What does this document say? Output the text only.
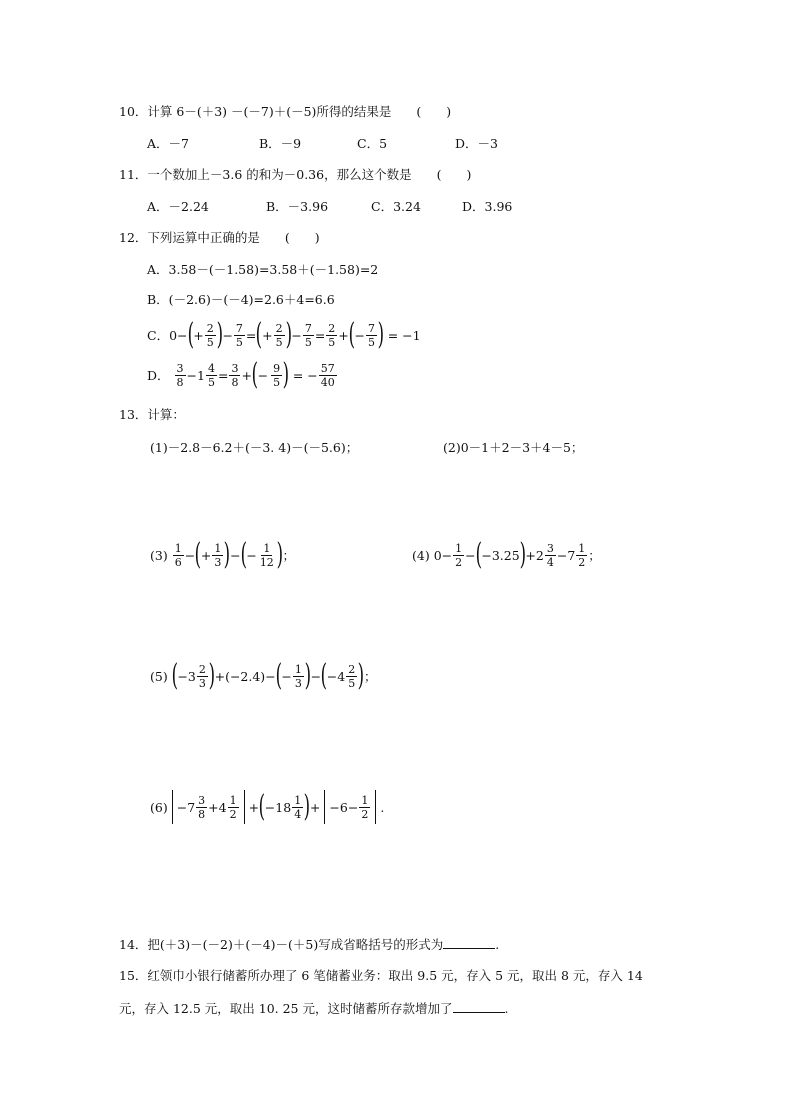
10．计算 6－(＋3) －(－7)＋(－5)所得的结果是　　(　　)
A．－7	B．－9	C．5	D．－3
11．一个数加上－3.6 的和为－0.36，那么这个数是　　(　　)
A．－2.24	B．－3.96	C．3.24	D．3.96
12．下列运算中正确的是　　(　　)
A．3.58－(－1.58)=3.58＋(－1.58)=2
B．(－2.6)－(－4)=2.6＋4=6.6
C． 0 − ( + $\frac{2}{5}$ ) − $\frac{7}{5}$ = ( + $\frac{2}{5}$ ) − $\frac{7}{5} = \frac{2}{5}$ + ( − $\frac{7}{5}$ ) = −1
D． 3
$8 - 1 \frac{4}{5} = \frac{3}{8}$ + ( − 9
5 ) = − $\frac{57}{40}$
13．计算：
(1)－2.8－6.2＋(－3. 4)－(－5.6)；	(2)0－1＋2－3＋4－5；
(3) 1
6 − ( + $\frac{1}{3}$ ) − ( − $\frac{1}{12}$ ) ；	(4) $0 - \frac{1}{2}$ − ( −3.25 ) + 2 3
4 − 7 1
2 ；
(5) ( −3 2
3 ) + (−2.4) − ( − $\frac{1}{3}$ ) − ( −4 2
5 ) ；
(6) −7 3
8 + 4 1
2 + ( −18 1
4 ) + $-6 - \frac{1}{2}$ .
14．把(＋3)－(－2)＋(－4)－(＋5)写成省略括号的形式为	.
15．红领巾小银行储蓄所办理了 6 笔储蓄业务：取出 9.5 元，存入 5 元，取出 8 元，存入 14
元，存入 12.5 元，取出 10. 25 元，这时储蓄所存款增加了	.
